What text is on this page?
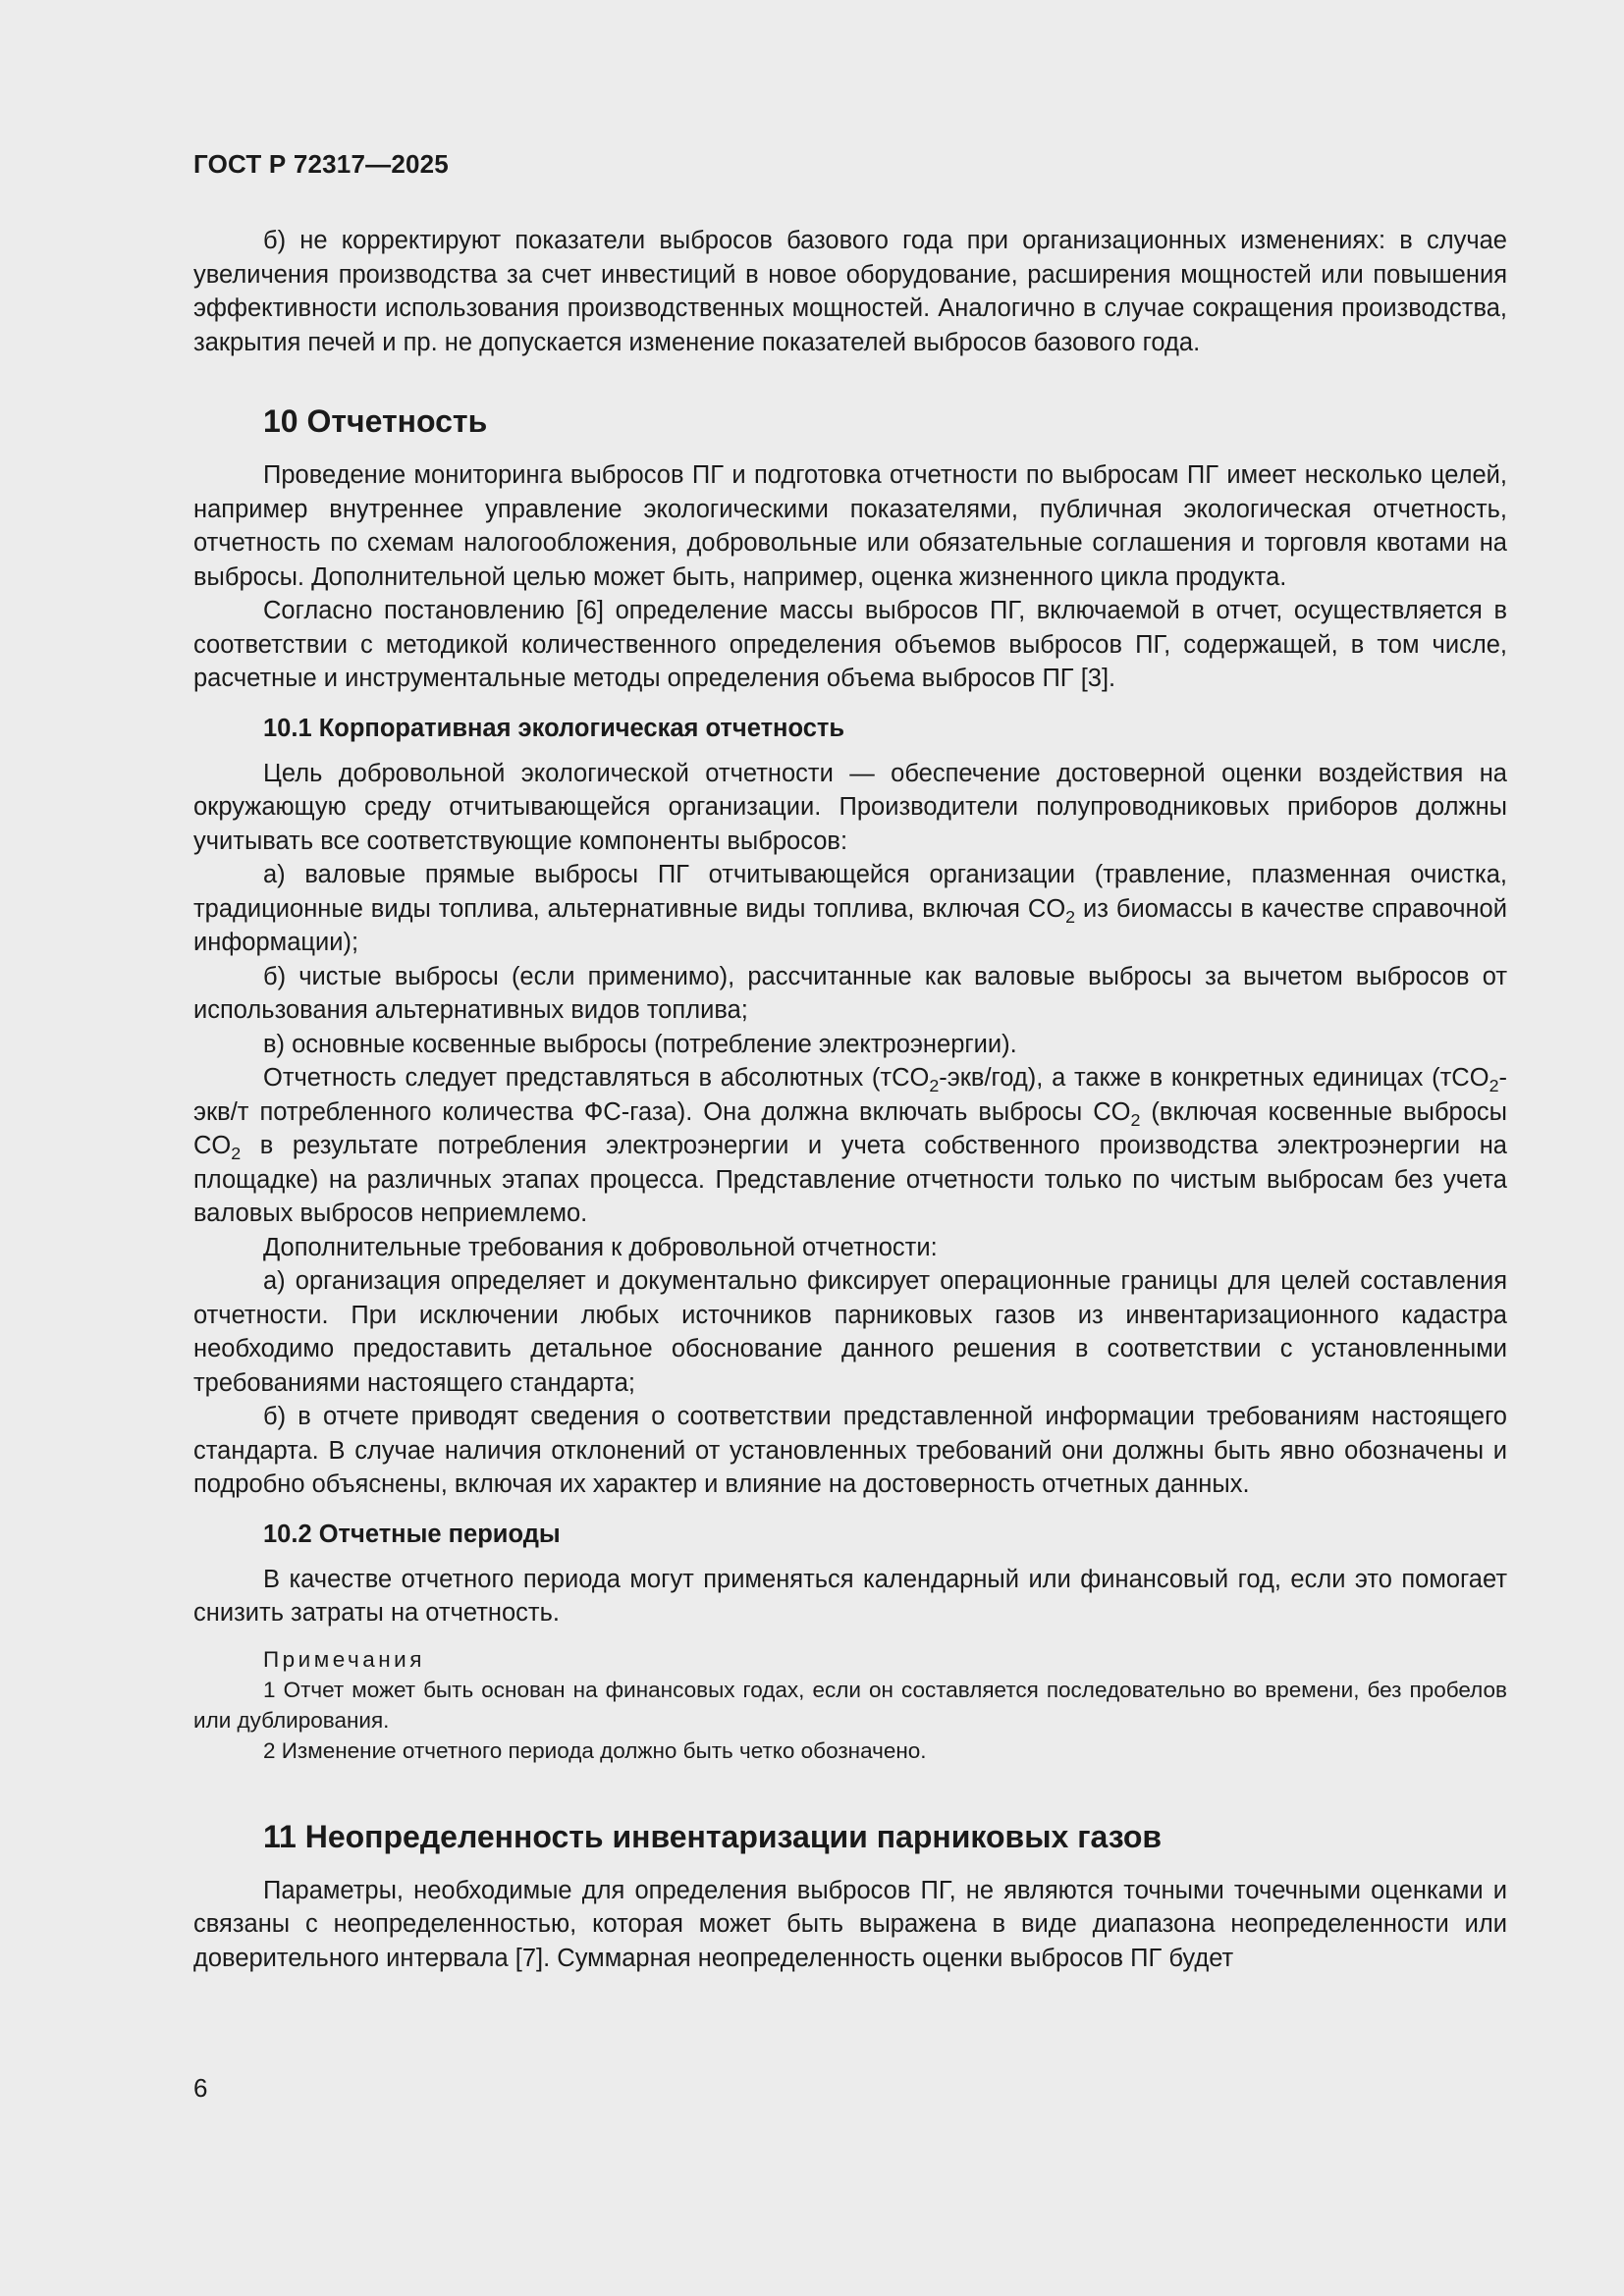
ГОСТ Р 72317—2025

б) не корректируют показатели выбросов базового года при организационных изменениях: в случае увеличения производства за счет инвестиций в новое оборудование, расширения мощностей или повышения эффективности использования производственных мощностей. Аналогично в случае сокращения производства, закрытия печей и пр. не допускается изменение показателей выбросов базового года.

10 Отчетность

Проведение мониторинга выбросов ПГ и подготовка отчетности по выбросам ПГ имеет несколько целей, например внутреннее управление экологическими показателями, публичная экологическая отчетность, отчетность по схемам налогообложения, добровольные или обязательные соглашения и торговля квотами на выбросы. Дополнительной целью может быть, например, оценка жизненного цикла продукта.

Согласно постановлению [6] определение массы выбросов ПГ, включаемой в отчет, осуществляется в соответствии с методикой количественного определения объемов выбросов ПГ, содержащей, в том числе, расчетные и инструментальные методы определения объема выбросов ПГ [3].

10.1 Корпоративная экологическая отчетность

Цель добровольной экологической отчетности — обеспечение достоверной оценки воздействия на окружающую среду отчитывающейся организации. Производители полупроводниковых приборов должны учитывать все соответствующие компоненты выбросов:

а) валовые прямые выбросы ПГ отчитывающейся организации (травление, плазменная очистка, традиционные виды топлива, альтернативные виды топлива, включая $CO_2$ из биомассы в качестве справочной информации);

б) чистые выбросы (если применимо), рассчитанные как валовые выбросы за вычетом выбросов от использования альтернативных видов топлива;

в) основные косвенные выбросы (потребление электроэнергии).

Отчетность следует представляться в абсолютных (тCO$_2$-экв/год), а также в конкретных единицах (тCO$_2$-экв/т потребленного количества ФС-газа). Она должна включать выбросы $CO_2$ (включая косвенные выбросы $CO_2$ в результате потребления электроэнергии и учета собственного производства электроэнергии на площадке) на различных этапах процесса. Представление отчетности только по чистым выбросам без учета валовых выбросов неприемлемо.

Дополнительные требования к добровольной отчетности:

а) организация определяет и документально фиксирует операционные границы для целей составления отчетности. При исключении любых источников парниковых газов из инвентаризационного кадастра необходимо предоставить детальное обоснование данного решения в соответствии с установленными требованиями настоящего стандарта;

б) в отчете приводят сведения о соответствии представленной информации требованиям настоящего стандарта. В случае наличия отклонений от установленных требований они должны быть явно обозначены и подробно объяснены, включая их характер и влияние на достоверность отчетных данных.

10.2 Отчетные периоды

В качестве отчетного периода могут применяться календарный или финансовый год, если это помогает снизить затраты на отчетность.

Примечания

1 Отчет может быть основан на финансовых годах, если он составляется последовательно во времени, без пробелов или дублирования.

2 Изменение отчетного периода должно быть четко обозначено.

11 Неопределенность инвентаризации парниковых газов

Параметры, необходимые для определения выбросов ПГ, не являются точными точечными оценками и связаны с неопределенностью, которая может быть выражена в виде диапазона неопределенности или доверительного интервала [7]. Суммарная неопределенность оценки выбросов ПГ будет

6
